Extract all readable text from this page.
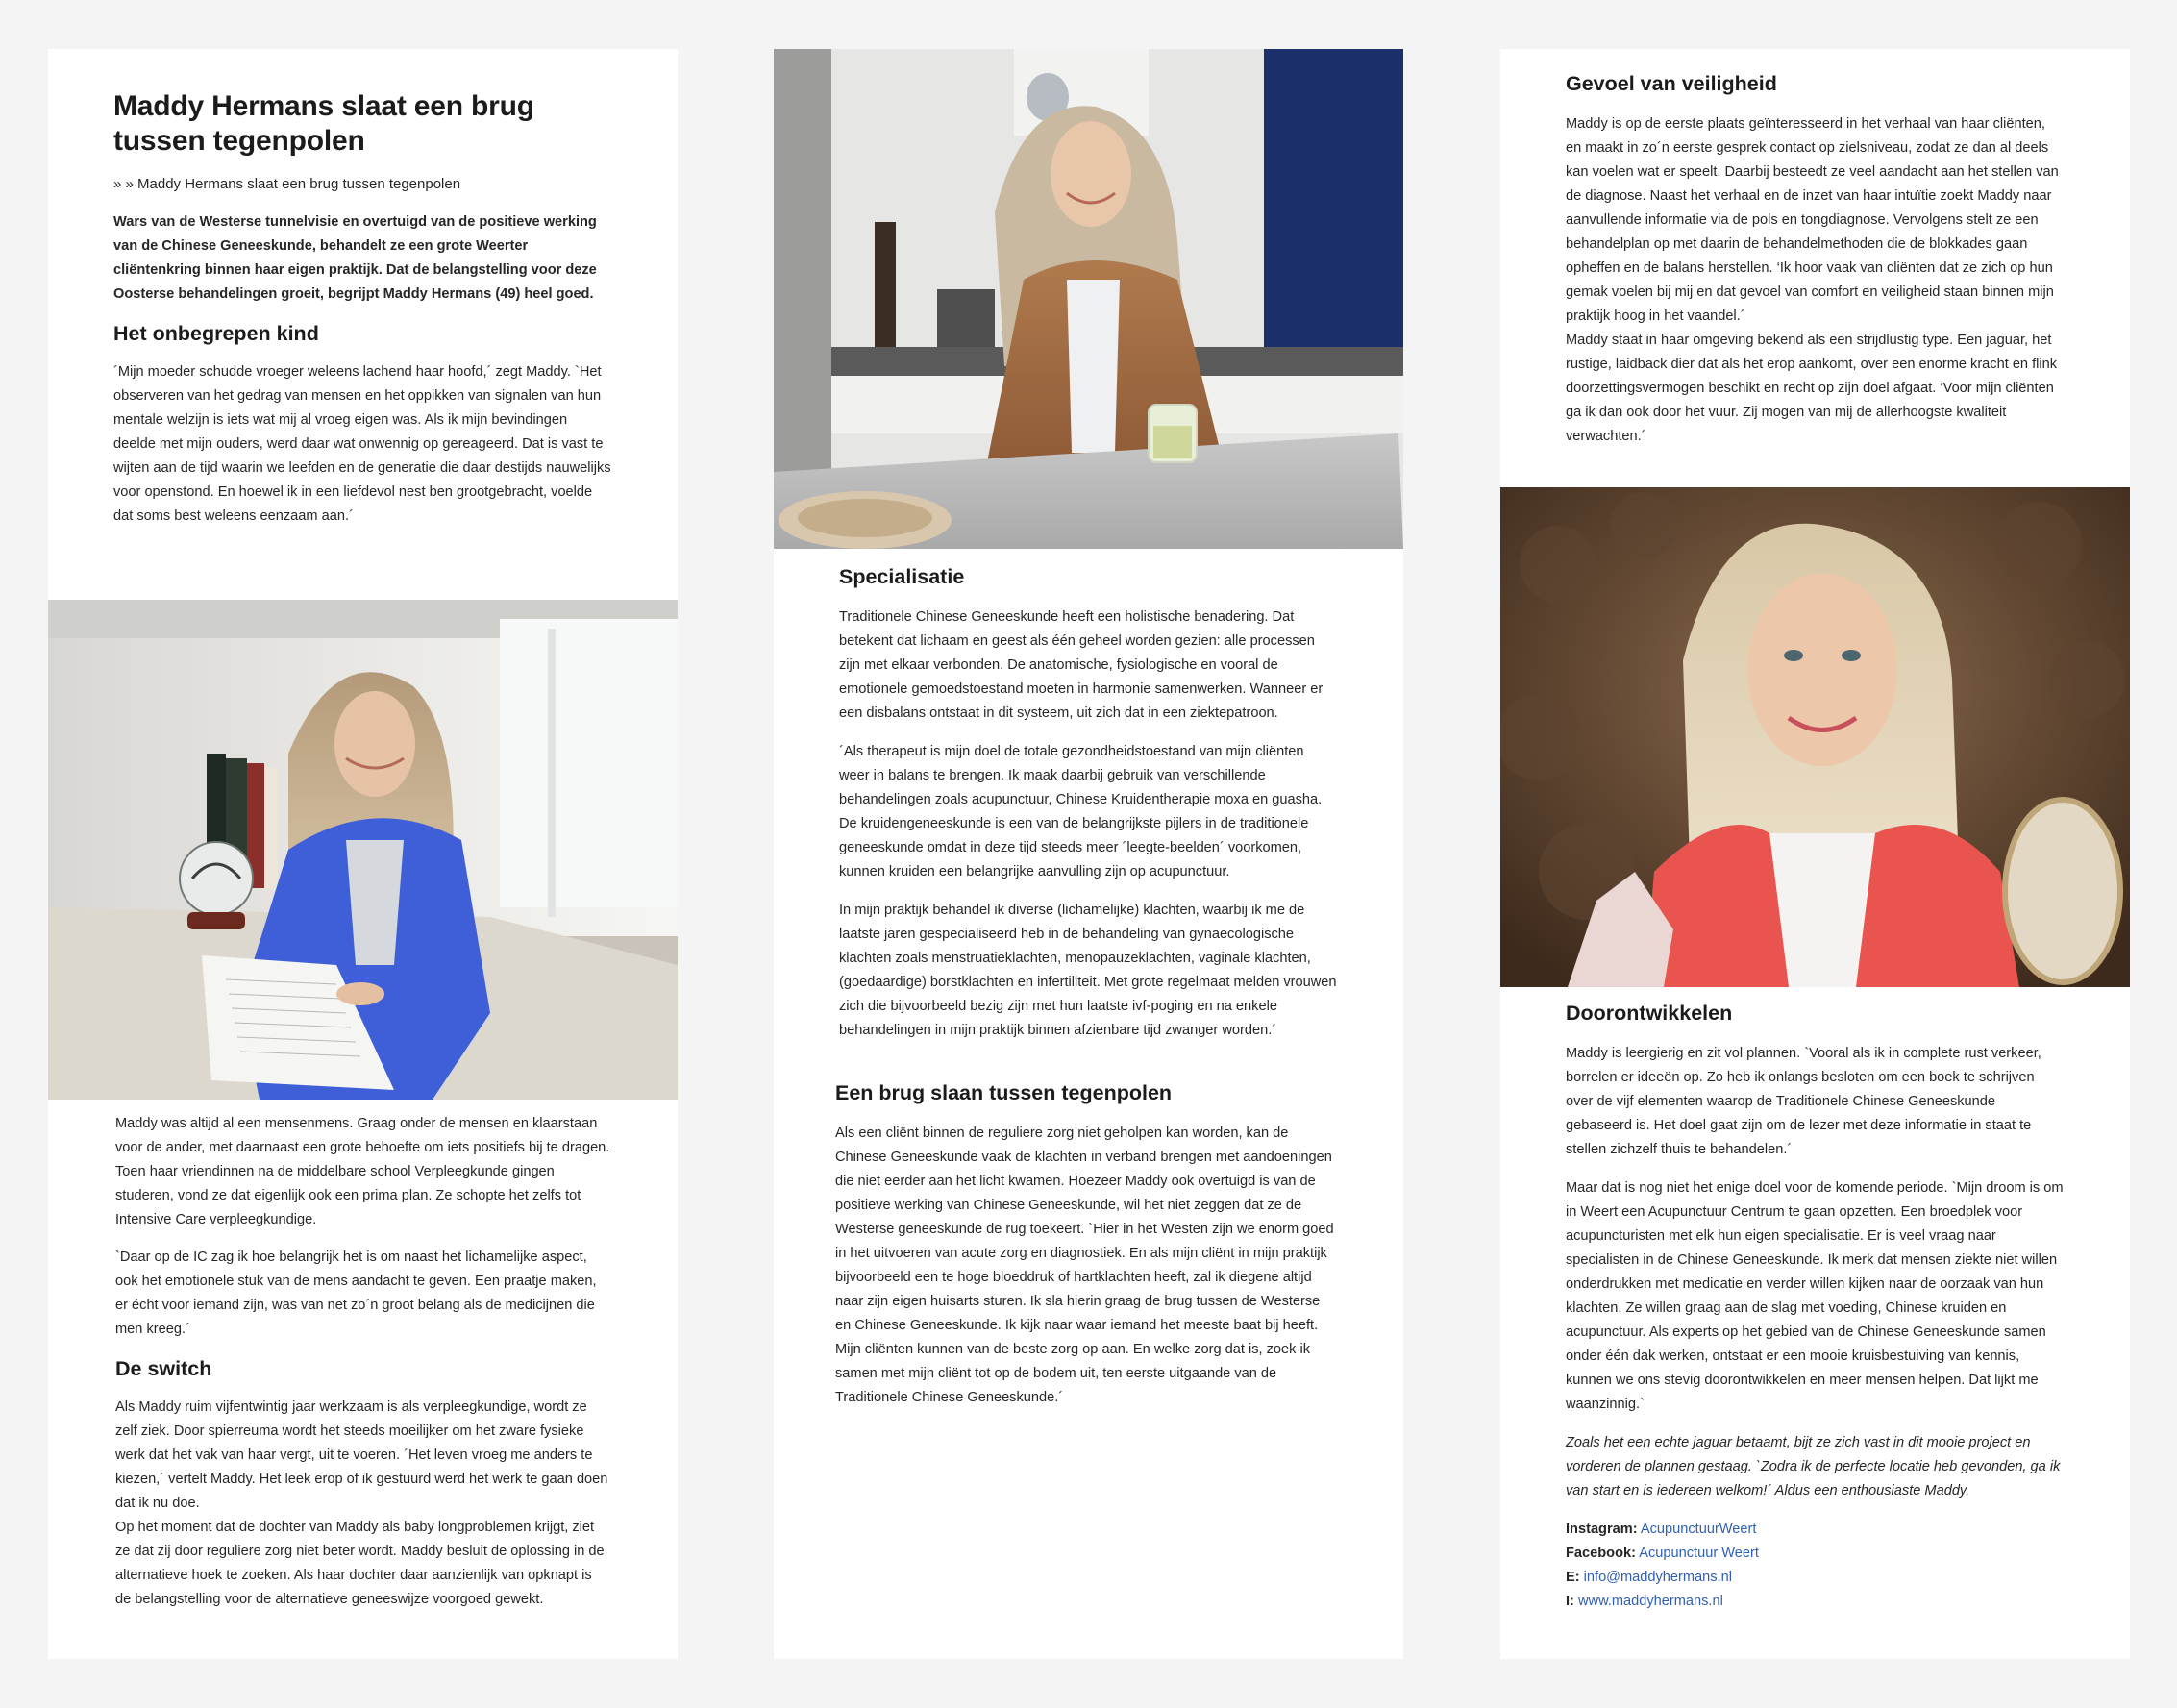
Maddy Hermans slaat een brug tussen tegenpolen
» » Maddy Hermans slaat een brug tussen tegenpolen

Wars van de Westerse tunnelvisie en overtuigd van de positieve werking van de Chinese Geneeskunde, behandelt ze een grote Weerter cliëntenkring binnen haar eigen praktijk. Dat de belangstelling voor deze Oosterse behandelingen groeit, begrijpt Maddy Hermans (49) heel goed.

Het onbegrepen kind

´Mijn moeder schudde vroeger weleens lachend haar hoofd,´ zegt Maddy. `Het observeren van het gedrag van mensen en het oppikken van signalen van hun mentale welzijn is iets wat mij al vroeg eigen was. Als ik mijn bevindingen deelde met mijn ouders, werd daar wat onwennig op gereageerd. Dat is vast te wijten aan de tijd waarin we leefden en de generatie die daar destijds nauwelijks voor openstond. En hoewel ik in een liefdevol nest ben grootgebracht, voelde dat soms best weleens eenzaam aan.´

Maddy was altijd al een mensenmens. Graag onder de mensen en klaarstaan voor de ander, met daarnaast een grote behoefte om iets positiefs bij te dragen. Toen haar vriendinnen na de middelbare school Verpleegkunde gingen studeren, vond ze dat eigenlijk ook een prima plan. Ze schopte het zelfs tot Intensive Care verpleegkundige.

`Daar op de IC zag ik hoe belangrijk het is om naast het lichamelijke aspect, ook het emotionele stuk van de mens aandacht te geven. Een praatje maken, er écht voor iemand zijn, was van net zo´n groot belang als de medicijnen die men kreeg.´

De switch

Als Maddy ruim vijfentwintig jaar werkzaam is als verpleegkundige, wordt ze zelf ziek. Door spierreuma wordt het steeds moeilijker om het zware fysieke werk dat het vak van haar vergt, uit te voeren. ´Het leven vroeg me anders te kiezen,´ vertelt Maddy. Het leek erop of ik gestuurd werd het werk te gaan doen dat ik nu doe.

Op het moment dat de dochter van Maddy als baby longproblemen krijgt, ziet ze dat zij door reguliere zorg niet beter wordt. Maddy besluit de oplossing in de alternatieve hoek te zoeken. Als haar dochter daar aanzienlijk van opknapt is de belangstelling voor de alternatieve geneeswijze voorgoed gewekt.

Specialisatie

Traditionele Chinese Geneeskunde heeft een holistische benadering. Dat betekent dat lichaam en geest als één geheel worden gezien: alle processen zijn met elkaar verbonden. De anatomische, fysiologische en vooral de emotionele gemoedstoestand moeten in harmonie samenwerken. Wanneer er een disbalans ontstaat in dit systeem, uit zich dat in een ziektepatroon.

´Als therapeut is mijn doel de totale gezondheidstoestand van mijn cliënten weer in balans te brengen. Ik maak daarbij gebruik van verschillende behandelingen zoals acupunctuur, Chinese Kruidentherapie moxa en guasha. De kruidengeneeskunde is een van de belangrijkste pijlers in de traditionele geneeskunde omdat in deze tijd steeds meer ´leegte-beelden´ voorkomen, kunnen kruiden een belangrijke aanvulling zijn op acupunctuur.

In mijn praktijk behandel ik diverse (lichamelijke) klachten, waarbij ik me de laatste jaren gespecialiseerd heb in de behandeling van gynaecologische klachten zoals menstruatieklachten, menopauzeklachten, vaginale klachten, (goedaardige) borstklachten en infertiliteit. Met grote regelmaat melden vrouwen zich die bijvoorbeeld bezig zijn met hun laatste ivf-poging en na enkele behandelingen in mijn praktijk binnen afzienbare tijd zwanger worden.´

Een brug slaan tussen tegenpolen

Als een cliënt binnen de reguliere zorg niet geholpen kan worden, kan de Chinese Geneeskunde vaak de klachten in verband brengen met aandoeningen die niet eerder aan het licht kwamen. Hoezeer Maddy ook overtuigd is van de positieve werking van Chinese Geneeskunde, wil het niet zeggen dat ze de Westerse geneeskunde de rug toekeert. `Hier in het Westen zijn we enorm goed in het uitvoeren van acute zorg en diagnostiek. En als mijn cliënt in mijn praktijk bijvoorbeeld een te hoge bloeddruk of hartklachten heeft, zal ik diegene altijd naar zijn eigen huisarts sturen. Ik sla hierin graag de brug tussen de Westerse en Chinese Geneeskunde. Ik kijk naar waar iemand het meeste baat bij heeft. Mijn cliënten kunnen van de beste zorg op aan. En welke zorg dat is, zoek ik samen met mijn cliënt tot op de bodem uit, ten eerste uitgaande van de Traditionele Chinese Geneeskunde.´

Gevoel van veiligheid

Maddy is op de eerste plaats geïnteresseerd in het verhaal van haar cliënten, en maakt in zo´n eerste gesprek contact op zielsniveau, zodat ze dan al deels kan voelen wat er speelt. Daarbij besteedt ze veel aandacht aan het stellen van de diagnose. Naast het verhaal en de inzet van haar intuïtie zoekt Maddy naar aanvullende informatie via de pols en tongdiagnose. Vervolgens stelt ze een behandelplan op met daarin de behandelmethoden die de blokkades gaan opheffen en de balans herstellen. ‘Ik hoor vaak van cliënten dat ze zich op hun gemak voelen bij mij en dat gevoel van comfort en veiligheid staan binnen mijn praktijk hoog in het vaandel.´

Maddy staat in haar omgeving bekend als een strijdlustig type. Een jaguar, het rustige, laidback dier dat als het erop aankomt, over een enorme kracht en flink doorzettingsvermogen beschikt en recht op zijn doel afgaat. ‘Voor mijn cliënten ga ik dan ook door het vuur. Zij mogen van mij de allerhoogste kwaliteit verwachten.´

Doorontwikkelen

Maddy is leergierig en zit vol plannen. `Vooral als ik in complete rust verkeer, borrelen er ideeën op. Zo heb ik onlangs besloten om een boek te schrijven over de vijf elementen waarop de Traditionele Chinese Geneeskunde gebaseerd is. Het doel gaat zijn om de lezer met deze informatie in staat te stellen zichzelf thuis te behandelen.´

Maar dat is nog niet het enige doel voor de komende periode. `Mijn droom is om in Weert een Acupunctuur Centrum te gaan opzetten. Een broedplek voor acupuncturisten met elk hun eigen specialisatie. Er is veel vraag naar specialisten in de Chinese Geneeskunde. Ik merk dat mensen ziekte niet willen onderdrukken met medicatie en verder willen kijken naar de oorzaak van hun klachten. Ze willen graag aan de slag met voeding, Chinese kruiden en acupunctuur. Als experts op het gebied van de Chinese Geneeskunde samen onder één dak werken, ontstaat er een mooie kruisbestuiving van kennis, kunnen we ons stevig doorontwikkelen en meer mensen helpen. Dat lijkt me waanzinnig.`

Zoals het een echte jaguar betaamt, bijt ze zich vast in dit mooie project en vorderen de plannen gestaag. `Zodra ik de perfecte locatie heb gevonden, ga ik van start en is iedereen welkom!´ Aldus een enthousiaste Maddy.

Instagram: AcupunctuurWeert

Facebook: Acupunctuur Weert

E: info@maddyhermans.nl

I: www.maddyhermans.nl
